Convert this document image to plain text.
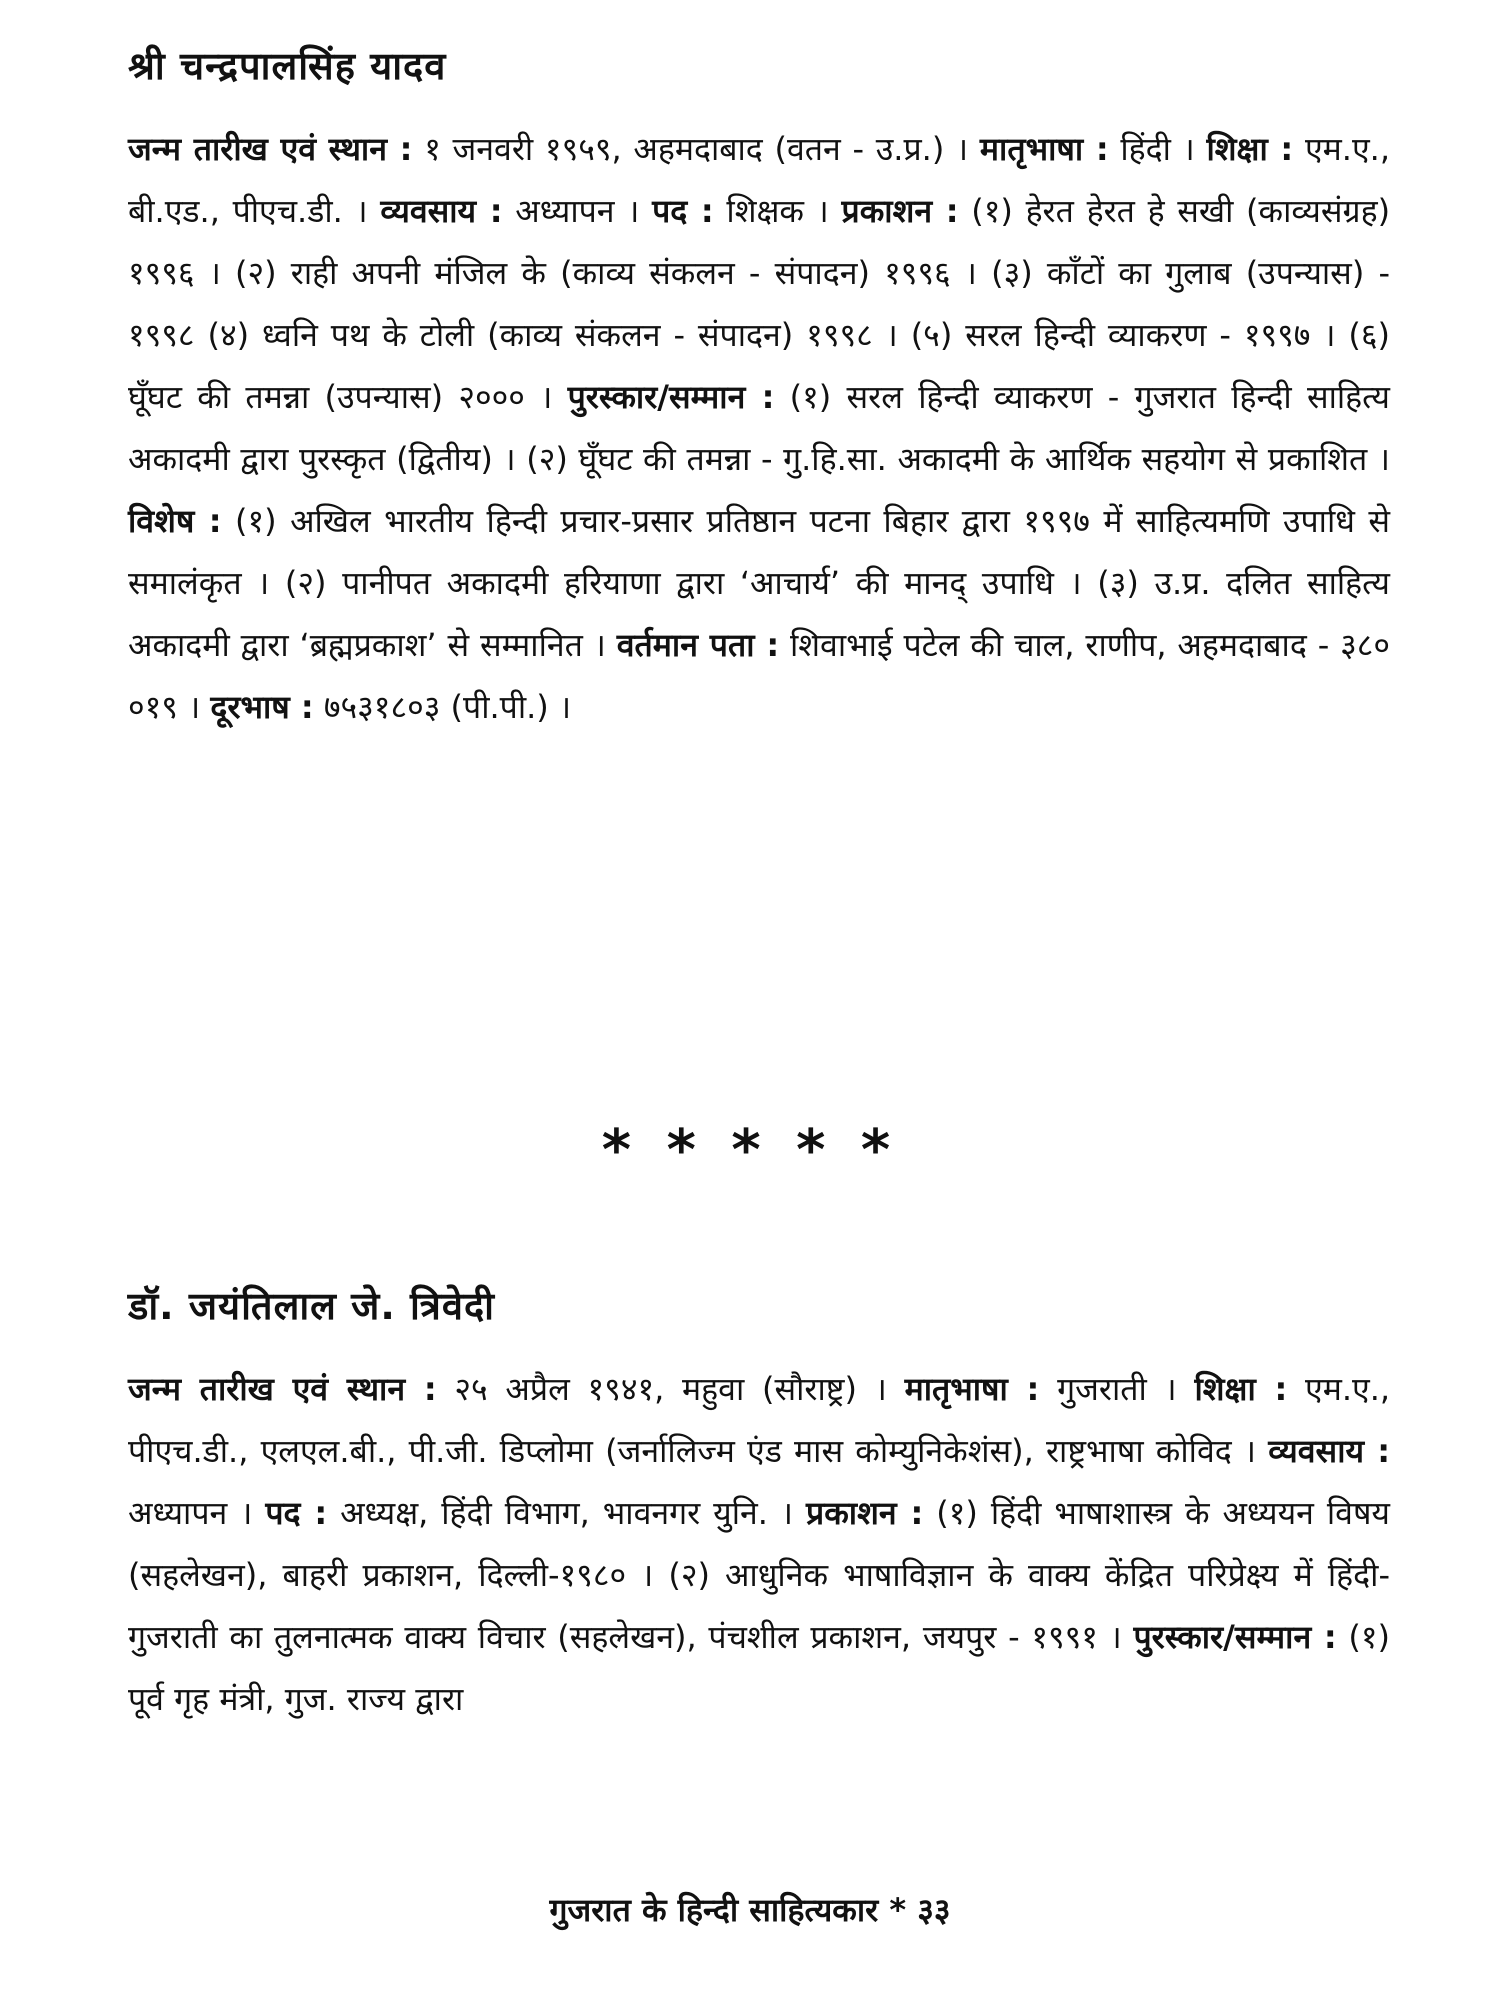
श्री चन्द्रपालसिंह यादव

जन्म तारीख एवं स्थान : १ जनवरी १९५९, अहमदाबाद (वतन - उ.प्र.) । मातृभाषा : हिंदी । शिक्षा : एम.ए., बी.एड., पीएच.डी. । व्यवसाय : अध्यापन । पद : शिक्षक । प्रकाशन : (१) हेरत हेरत हे सखी (काव्यसंग्रह) १९९६ । (२) राही अपनी मंजिल के (काव्य संकलन - संपादन) १९९६ । (३) काँटों का गुलाब (उपन्यास) - १९९८ (४) ध्वनि पथ के टोली (काव्य संकलन - संपादन) १९९८ । (५) सरल हिन्दी व्याकरण - १९९७ । (६) घूँघट की तमन्ना (उपन्यास) २००० । पुरस्कार/सम्मान : (१) सरल हिन्दी व्याकरण - गुजरात हिन्दी साहित्य अकादमी द्वारा पुरस्कृत (द्वितीय) । (२) घूँघट की तमन्ना - गु.हि.सा. अकादमी के आर्थिक सहयोग से प्रकाशित । विशेष : (१) अखिल भारतीय हिन्दी प्रचार-प्रसार प्रतिष्ठान पटना बिहार द्वारा १९९७ में साहित्यमणि उपाधि से समालंकृत । (२) पानीपत अकादमी हरियाणा द्वारा ‘आचार्य’ की मानद् उपाधि । (३) उ.प्र. दलित साहित्य अकादमी द्वारा ‘ब्रह्मप्रकाश’ से सम्मानित । वर्तमान पता : शिवाभाई पटेल की चाल, राणीप, अहमदाबाद - ३८० ०१९ । दूरभाष : ७५३१८०३ (पी.पी.) ।

* * * * *
डॉ. जयंतिलाल जे. त्रिवेदी

जन्म तारीख एवं स्थान : २५ अप्रैल १९४१, महुवा (सौराष्ट्र) । मातृभाषा : गुजराती । शिक्षा : एम.ए., पीएच.डी., एलएल.बी., पी.जी. डिप्लोमा (जर्नालिज्म एंड मास कोम्युनिकेशंस), राष्ट्रभाषा कोविद । व्यवसाय : अध्यापन । पद : अध्यक्ष, हिंदी विभाग, भावनगर युनि. । प्रकाशन : (१) हिंदी भाषाशास्त्र के अध्ययन विषय (सहलेखन), बाहरी प्रकाशन, दिल्ली-१९८० । (२) आधुनिक भाषाविज्ञान के वाक्य केंद्रित परिप्रेक्ष्य में हिंदी-गुजराती का तुलनात्मक वाक्य विचार (सहलेखन), पंचशील प्रकाशन, जयपुर - १९९१ । पुरस्कार/सम्मान : (१) पूर्व गृह मंत्री, गुज. राज्य द्वारा

गुजरात के हिन्दी साहित्यकार * ३३
